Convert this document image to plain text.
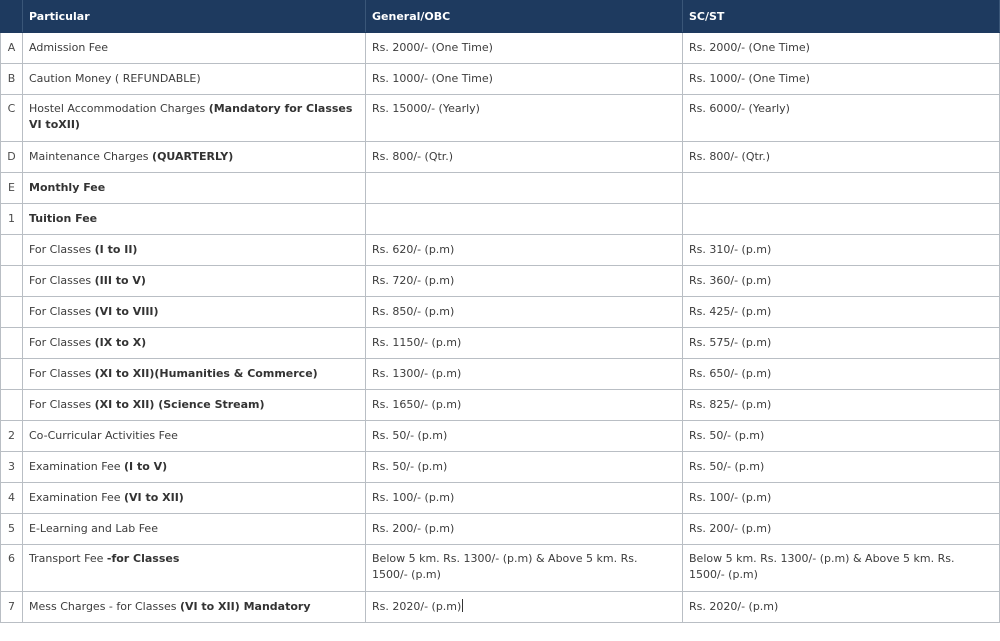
	Particular	General/OBC	SC/ST
A	Admission Fee	Rs. 2000/- (One Time)	Rs. 2000/- (One Time)
B	Caution Money ( REFUNDABLE)	Rs. 1000/- (One Time)	Rs. 1000/- (One Time)
C	Hostel Accommodation Charges (Mandatory for Classes VI toXII)	Rs. 15000/- (Yearly)	Rs. 6000/- (Yearly)
D	Maintenance Charges (QUARTERLY)	Rs. 800/- (Qtr.)	Rs. 800/- (Qtr.)
E	Monthly Fee		
1	Tuition Fee		
	For Classes (I to II)	Rs. 620/- (p.m)	Rs. 310/- (p.m)
	For Classes (III to V)	Rs. 720/- (p.m)	Rs. 360/- (p.m)
	For Classes (VI to VIII)	Rs. 850/- (p.m)	Rs. 425/- (p.m)
	For Classes (IX to X)	Rs. 1150/- (p.m)	Rs. 575/- (p.m)
	For Classes (XI to XII)(Humanities & Commerce)	Rs. 1300/- (p.m)	Rs. 650/- (p.m)
	For Classes (XI to XII) (Science Stream)	Rs. 1650/- (p.m)	Rs. 825/- (p.m)
2	Co-Curricular Activities Fee	Rs. 50/- (p.m)	Rs. 50/- (p.m)
3	Examination Fee (I to V)	Rs. 50/- (p.m)	Rs. 50/- (p.m)
4	Examination Fee (VI to XII)	Rs. 100/- (p.m)	Rs. 100/- (p.m)
5	E-Learning and Lab Fee	Rs. 200/- (p.m)	Rs. 200/- (p.m)
6	Transport Fee -for Classes	Below 5 km. Rs. 1300/- (p.m) & Above 5 km. Rs. 1500/- (p.m)	Below 5 km. Rs. 1300/- (p.m) & Above 5 km. Rs. 1500/- (p.m)
7	Mess Charges - for Classes (VI to XII) Mandatory	Rs. 2020/- (p.m)	Rs. 2020/- (p.m)
